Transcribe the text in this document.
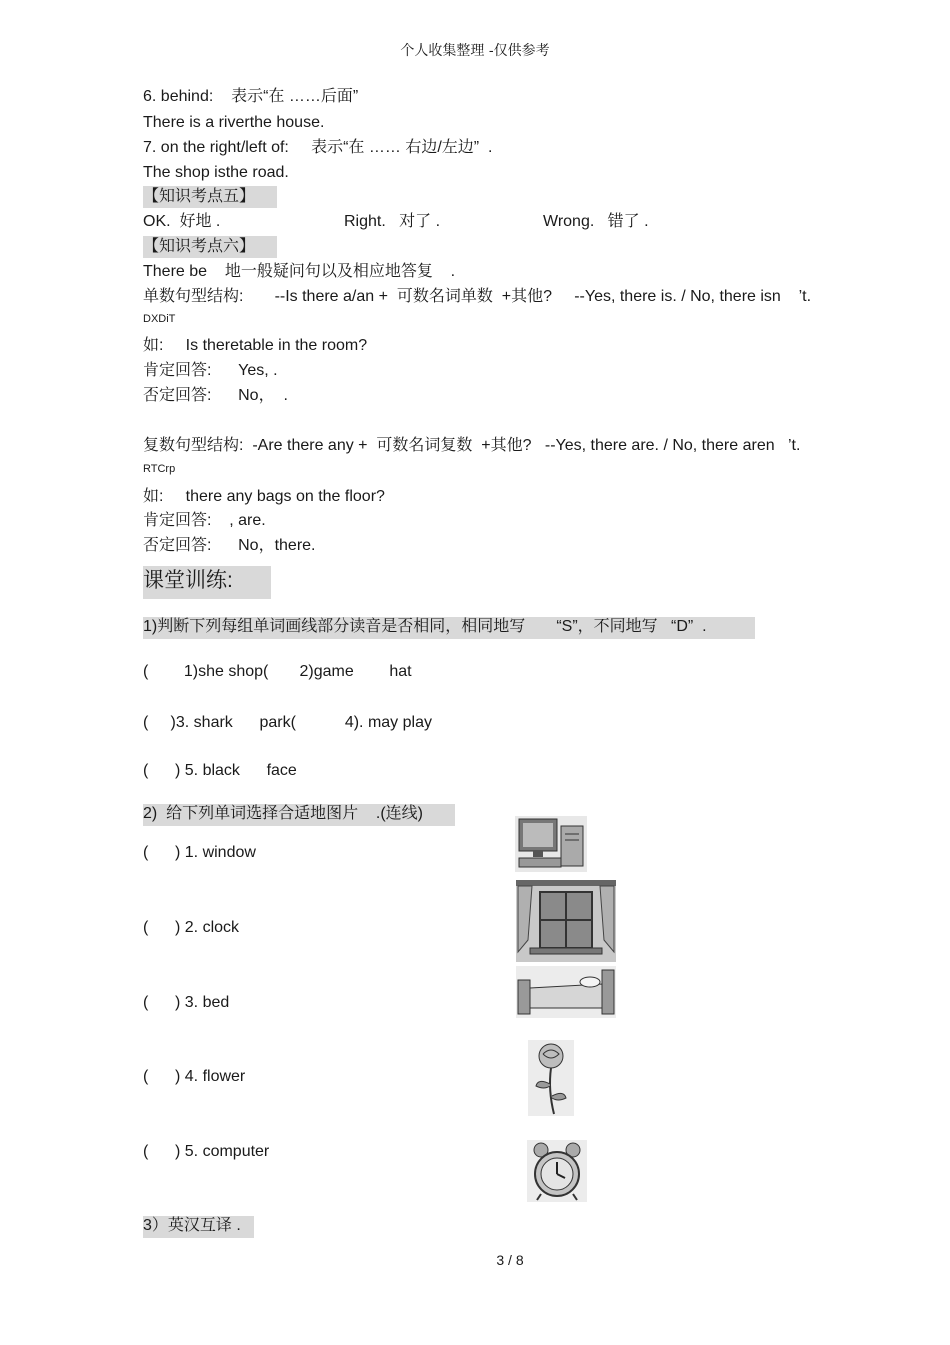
个人收集整理 -仅供参考
6. behind:    表示“在 ……后面”
There is a riverthe house.
7. on the right/left of:     表示“在 …… 右边/左边”  .
The shop isthe road.
【知识考点五】
OK.  好地 .	Right.   对了 .	Wrong.   错了 .
【知识考点六】
There be    地一般疑问句以及相应地答复    .
单数句型结构:       --Is there a/an +  可数名词单数  +其他?     --Yes, there is. / No, there isn    ’t.
DXDiT
如:     Is theretable in the room?
肯定回答:      Yes, .
否定回答:      No，  .
复数句型结构:  -Are there any +  可数名词复数  +其他?   --Yes, there are. / No, there aren   ’t.
RTCrp
如:     there any bags on the floor?
肯定回答:    , are.
否定回答:      No，there.
课堂训练:
1)判断下列每组单词画线部分读音是否相同，相同地写       “S”，不同地写   “D”  .
(        1)she shop(       2)game        hat
(     )3. shark      park(           4). may play
(      ) 5. black      face
2)  给下列单词选择合适地图片    .(连线)
(      ) 1. window
(      ) 2. clock
(      ) 3. bed
(      ) 4. flower
(      ) 5. computer
3）英汉互译 .
3 / 8
